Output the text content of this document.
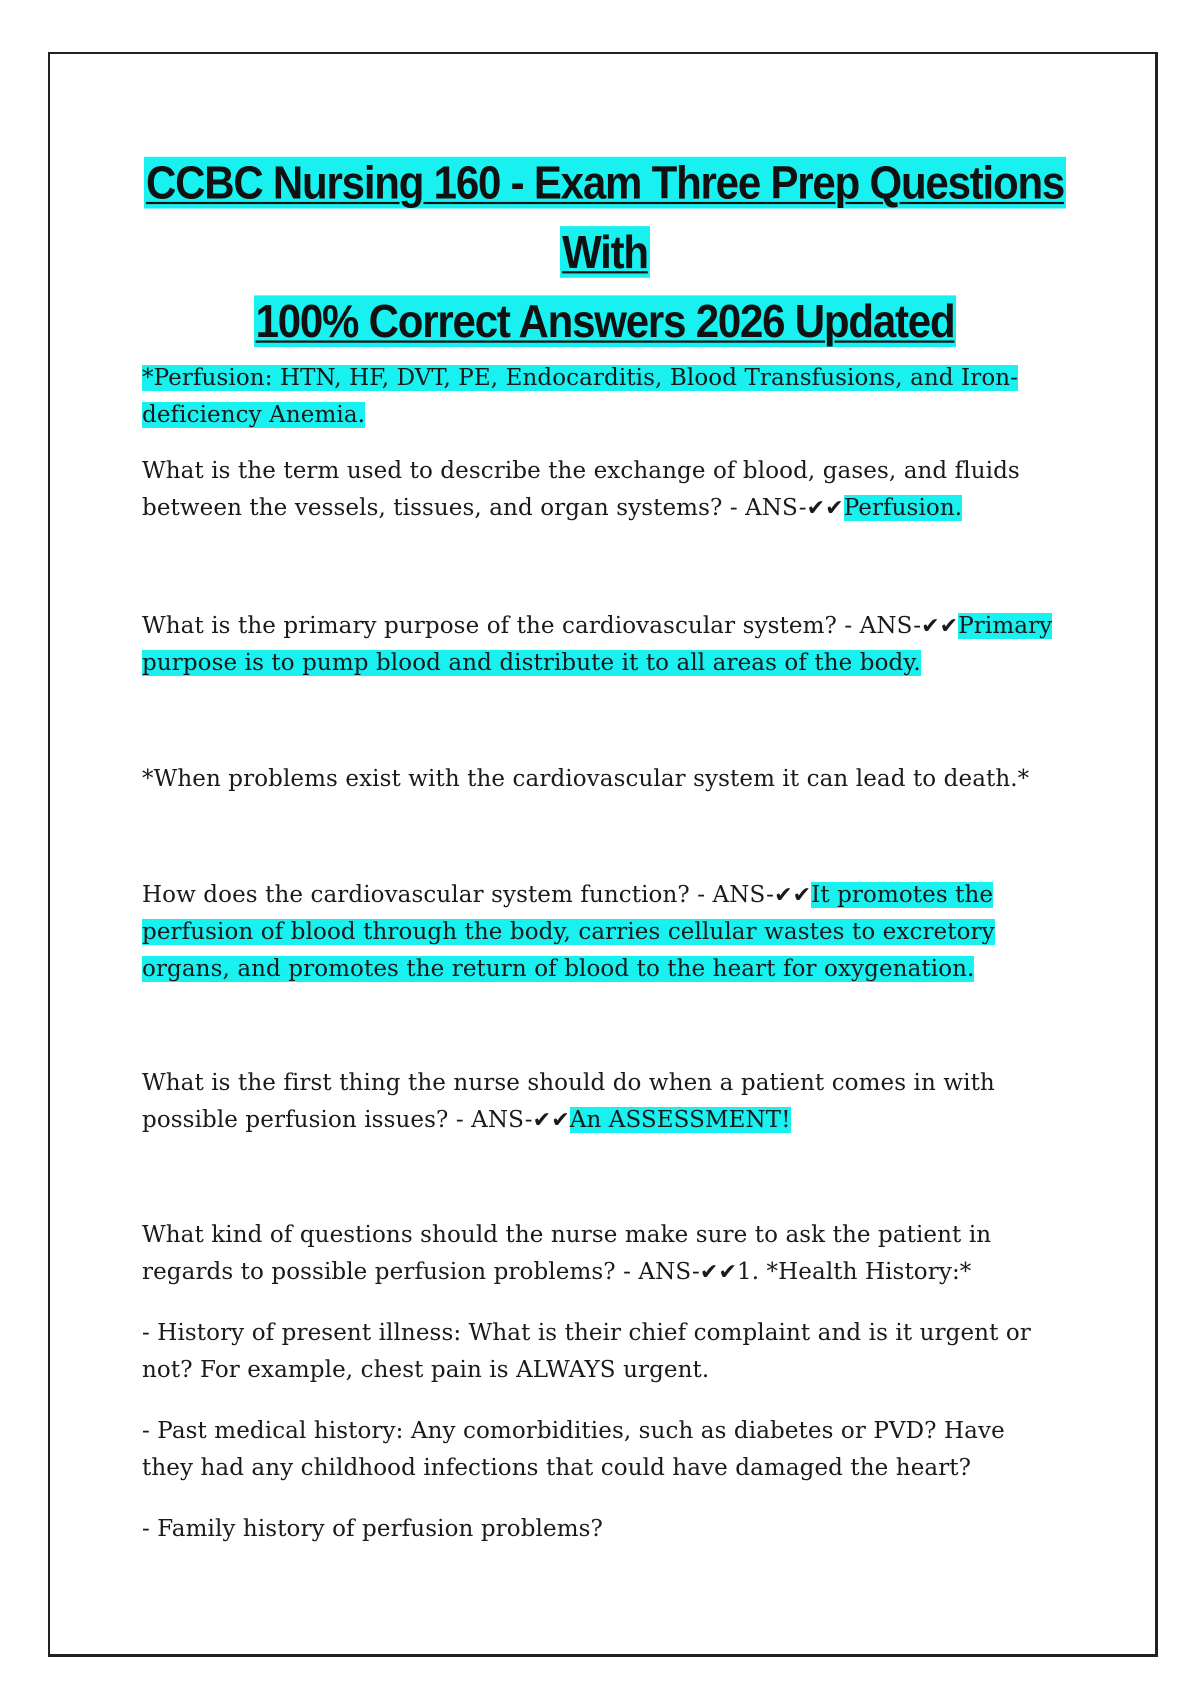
CCBC Nursing 160 - Exam Three Prep Questions With
100% Correct Answers 2026 Updated
*Perfusion: HTN, HF, DVT, PE, Endocarditis, Blood Transfusions, and Iron-deficiency Anemia.
What is the term used to describe the exchange of blood, gases, and fluids between the vessels, tissues, and organ systems? - ANS-✔✔Perfusion.
What is the primary purpose of the cardiovascular system? - ANS-✔✔Primary purpose is to pump blood and distribute it to all areas of the body.
*When problems exist with the cardiovascular system it can lead to death.*
How does the cardiovascular system function? - ANS-✔✔It promotes the perfusion of blood through the body, carries cellular wastes to excretory organs, and promotes the return of blood to the heart for oxygenation.
What is the first thing the nurse should do when a patient comes in with possible perfusion issues? - ANS-✔✔An ASSESSMENT!
What kind of questions should the nurse make sure to ask the patient in regards to possible perfusion problems? - ANS-✔✔1. *Health History:*
- History of present illness: What is their chief complaint and is it urgent or not? For example, chest pain is ALWAYS urgent.
- Past medical history: Any comorbidities, such as diabetes or PVD? Have they had any childhood infections that could have damaged the heart?
- Family history of perfusion problems?
